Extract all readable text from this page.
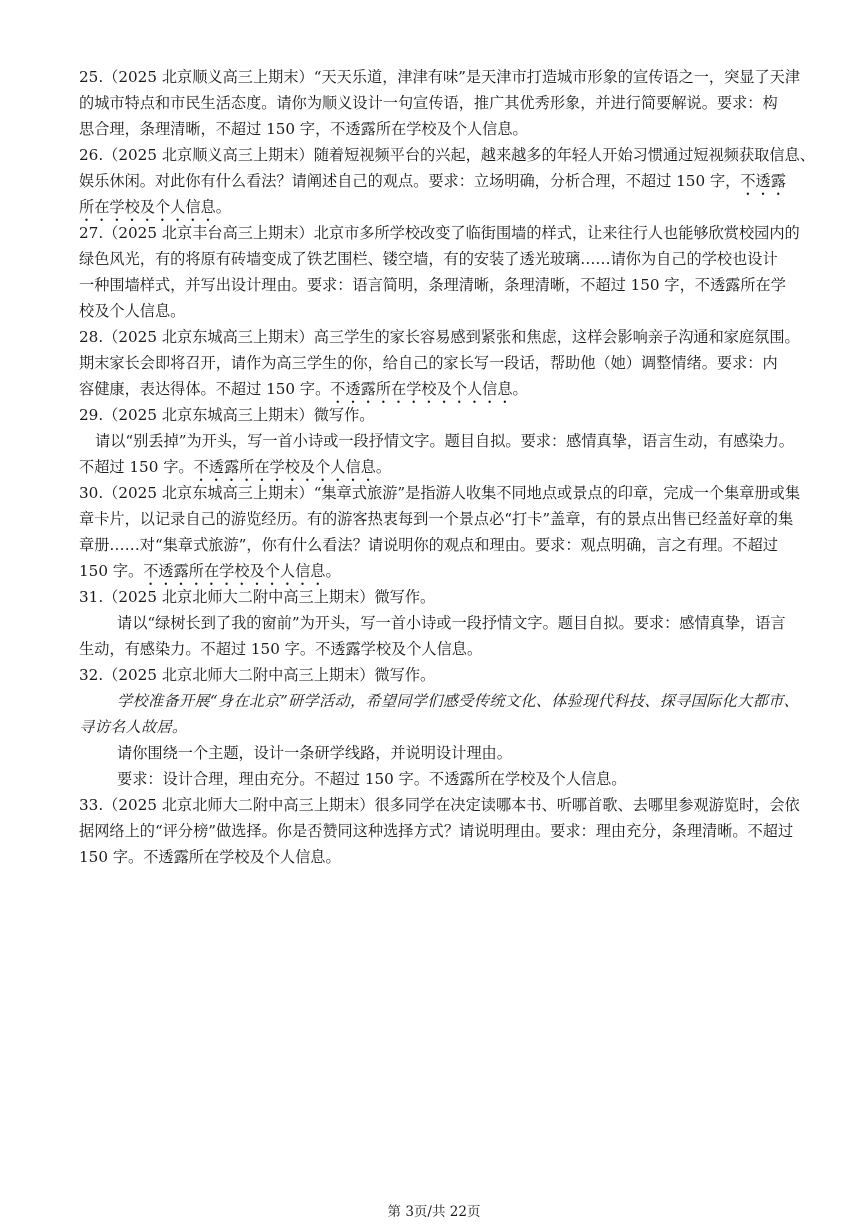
25.（2025 北京顺义高三上期末）“天天乐道，津津有味”是天津市打造城市形象的宣传语之一，突显了天津
的城市特点和市民生活态度。请你为顺义设计一句宣传语，推广其优秀形象，并进行简要解说。要求：构
思合理，条理清晰，不超过 150 字，不透露所在学校及个人信息。
26.（2025 北京顺义高三上期末）随着短视频平台的兴起，越来越多的年轻人开始习惯通过短视频获取信息、
娱乐休闲。对此你有什么看法？请阐述自己的观点。要求：立场明确，分析合理，不超过 150 字，不透露
所在学校及个人信息。
27.（2025 北京丰台高三上期末）北京市多所学校改变了临街围墙的样式，让来往行人也能够欣赏校园内的
绿色风光，有的将原有砖墙变成了铁艺围栏、镂空墙，有的安装了透光玻璃……请你为自己的学校也设计
一种围墙样式，并写出设计理由。要求：语言简明，条理清晰，条理清晰，不超过 150 字，不透露所在学
校及个人信息。
28.（2025 北京东城高三上期末）高三学生的家长容易感到紧张和焦虑，这样会影响亲子沟通和家庭氛围。
期末家长会即将召开，请作为高三学生的你，给自己的家长写一段话，帮助他（她）调整情绪。要求：内
容健康，表达得体。不超过 150 字。不透露所在学校及个人信息。
29.（2025 北京东城高三上期末）微写作。
请以“别丢掉”为开头，写一首小诗或一段抒情文字。题目自拟。要求：感情真挚，语言生动，有感染力。
不超过 150 字。不透露所在学校及个人信息。
30.（2025 北京东城高三上期末）“集章式旅游”是指游人收集不同地点或景点的印章，完成一个集章册或集
章卡片，以记录自己的游览经历。有的游客热衷每到一个景点必“打卡”盖章，有的景点出售已经盖好章的集
章册……对“集章式旅游”，你有什么看法？请说明你的观点和理由。要求：观点明确，言之有理。不超过
150 字。不透露所在学校及个人信息。
31.（2025 北京北师大二附中高三上期末）微写作。
请以“绿树长到了我的窗前”为开头，写一首小诗或一段抒情文字。题目自拟。要求：感情真挚，语言
生动，有感染力。不超过 150 字。不透露学校及个人信息。
32.（2025 北京北师大二附中高三上期末）微写作。
学校准备开展“身在北京”研学活动，希望同学们感受传统文化、体验现代科技、探寻国际化大都市、
寻访名人故居。
请你围绕一个主题，设计一条研学线路，并说明设计理由。
要求：设计合理，理由充分。不超过 150 字。不透露所在学校及个人信息。
33.（2025 北京北师大二附中高三上期末）很多同学在决定读哪本书、听哪首歌、去哪里参观游览时，会依
据网络上的“评分榜”做选择。你是否赞同这种选择方式？请说明理由。要求：理由充分，条理清晰。不超过
150 字。不透露所在学校及个人信息。
第 3页/共 22页
